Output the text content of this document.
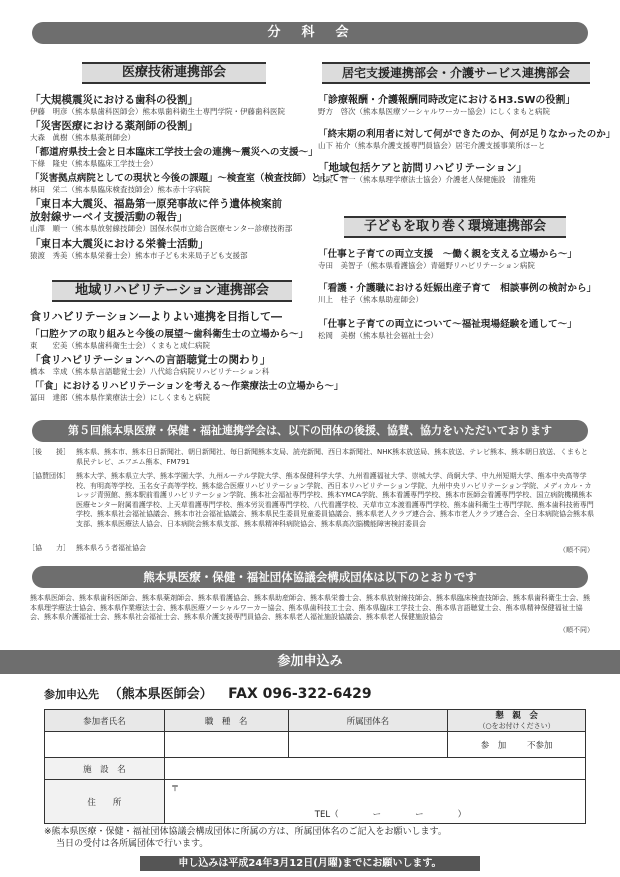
分　科　会
医療技術連携部会
「大規模震災における歯科の役割」
伊藤　明彦（熊本県歯科医師会）熊本県歯科衛生士専門学院・伊藤歯科医院
「災害医療における薬剤師の役割」
大森　眞樹（熊本県薬剤師会）
「都道府県技士会と日本臨床工学技士会の連携〜震災への支援〜」
下條　隆史（熊本県臨床工学技士会）
「災害拠点病院としての現状と今後の課題」〜検査室（検査技師）として〜
林田　栄二（熊本県臨床検査技師会）熊本赤十字病院
「東日本大震災、福島第一原発事故に伴う遺体検案前
放射線サーベイ支援活動の報告」
山澤　順一（熊本県放射線技師会）国保水俣市立総合医療センター診療技術部
「東日本大震災における栄養士活動」
猿渡　秀美（熊本県栄養士会）熊本市子ども未来局子ども支援部
地域リハビリテーション連携部会
食リハビリテーション―よりよい連携を目指して―
「口腔ケアの取り組みと今後の展望〜歯科衛生士の立場から〜」
東　　宏美（熊本県歯科衛生士会）くまもと成仁病院
「食リハビリテーションへの言語聴覚士の関わり」
橋本　幸成（熊本県言語聴覚士会）八代総合病院リハビリテーション科
「「食」におけるリハビリテーションを考える〜作業療法士の立場から〜」
冨田　達郎（熊本県作業療法士会）にしくまもと病院
居宅支援連携部会・介護サービス連携部会
「診療報酬・介護報酬同時改定におけるH3.SWの役割」
野方　啓次（熊本県医療ソーシャルワーカー協会）にしくまもと病院
「終末期の利用者に対して何ができたのか、何が足りなかったのか」
山下 祐介（熊本県介護支援専門員協会）居宅介護支援事業所ほーと
「地域包括ケアと訪問リハビリテーション」
野尻　晋一（熊本県理学療法士協会）介護老人保健施設　清雅苑
子どもを取り巻く環境連携部会
「仕事と子育ての両立支援　〜働く親を支える立場から〜」
寺田　美智子（熊本県看護協会）青磁野リハビリテーション病院
「看護・介護職における妊娠出産子育て　相談事例の検討から」
川上　桂子（熊本県助産師会）
「仕事と子育ての両立について〜福祉現場経験を通して〜」
松岡　美樹（熊本県社会福祉士会）
第５回熊本県医療・保健・福祉連携学会は、以下の団体の後援、協賛、協力をいただいております
［後　　援］ 熊本県、熊本市、熊本日日新聞社、朝日新聞社、毎日新聞熊本支局、読売新聞、西日本新聞社、NHK熊本放送局、熊本放送、テレビ熊本、熊本朝日放送、くまもと県民テレビ、エフエム熊本、FM791
［協賛団体］ 熊本大学、熊本県立大学、熊本学園大学、九州ルーテル学院大学、熊本保健科学大学、九州看護福祉大学、崇城大学、尚絅大学、中九州短期大学、熊本中央高等学校、有明高等学校、玉名女子高等学校、熊本総合医療リハビリテーション学院、西日本リハビリテーション学院、九州中央リハビリテーション学院、メディカル・カレッジ青照館、熊本駅前看護リハビリテーション学院、熊本社会福祉専門学校、熊本YMCA学院、熊本看護専門学校、熊本市医師会看護専門学校、国立病院機構熊本医療センター附属看護学校、上天草看護専門学校、熊本労災看護専門学校、八代看護学校、天草市立本渡看護専門学校、熊本歯科衛生士専門学院、熊本歯科技術専門学校、熊本県社会福祉協議会、熊本市社会福祉協議会、熊本県民生委員児童委員協議会、熊本県老人クラブ連合会、熊本市老人クラブ連合会、全日本病院協会熊本県支部、熊本県医療法人協会、日本病院会熊本県支部、熊本県精神科病院協会、熊本県高次脳機能障害検討委員会
［協　　力］ 熊本県ろう者福祉協会	（順不同）
熊本県医療・保健・福祉団体協議会構成団体は以下のとおりです
熊本県医師会、熊本県歯科医師会、熊本県薬剤師会、熊本県看護協会、熊本県助産師会、熊本県栄養士会、熊本県放射線技師会、熊本県臨床検査技師会、熊本県歯科衛生士会、熊本県理学療法士協会、熊本県作業療法士会、熊本県医療ソーシャルワーカー協会、熊本県歯科技工士会、熊本県臨床工学技士会、熊本県言語聴覚士会、熊本県精神保健福祉士協会、熊本県介護福祉士会、熊本県社会福祉士会、熊本県介護支援専門員協会、熊本県老人福祉施設協議会、熊本県老人保健施設協会
（順不同）
参加申込み
参加申込先 （熊本県医師会） FAX 096-322-6429
参加者氏名	職　種　名	所属団体名	懇　親　会
（○をお付けください）

			参　加 不参加
施　設　名			
住　　所	〒
TEL（　　　　ー　　　　ー　　　　）		
※熊本県医療・保健・福祉団体協議会構成団体に所属の方は、所属団体名のご記入をお願いします。
当日の受付は各所属団体で行います。
申し込みは平成24年3月12日(月曜)までにお願いします。
